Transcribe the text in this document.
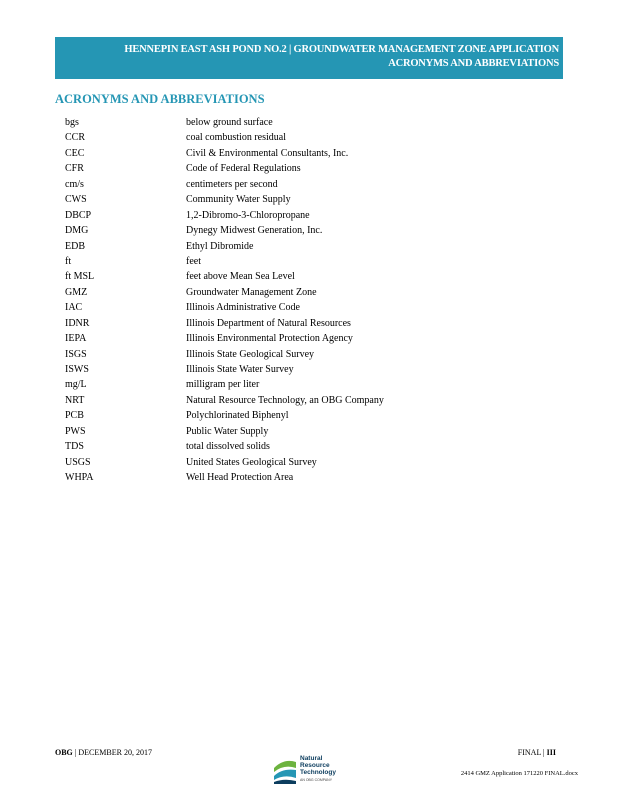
HENNEPIN EAST ASH POND NO.2 | GROUNDWATER MANAGEMENT ZONE APPLICATION
ACRONYMS AND ABBREVIATIONS
ACRONYMS AND ABBREVIATIONS
bgs	below ground surface
CCR	coal combustion residual
CEC	Civil & Environmental Consultants, Inc.
CFR	Code of Federal Regulations
cm/s	centimeters per second
CWS	Community Water Supply
DBCP	1,2-Dibromo-3-Chloropropane
DMG	Dynegy Midwest Generation, Inc.
EDB	Ethyl Dibromide
ft	feet
ft MSL	feet above Mean Sea Level
GMZ	Groundwater Management Zone
IAC	Illinois Administrative Code
IDNR	Illinois Department of Natural Resources
IEPA	Illinois Environmental Protection Agency
ISGS	Illinois State Geological Survey
ISWS	Illinois State Water Survey
mg/L	milligram per liter
NRT	Natural Resource Technology, an OBG Company
PCB	Polychlorinated Biphenyl
PWS	Public Water Supply
TDS	total dissolved solids
USGS	United States Geological Survey
WHPA	Well Head Protection Area
OBG | DECEMBER 20, 2017
Natural
Resource
Technology
AN OBG COMPANY
FINAL | III
2414 GMZ Application 171220 FINAL.docx
